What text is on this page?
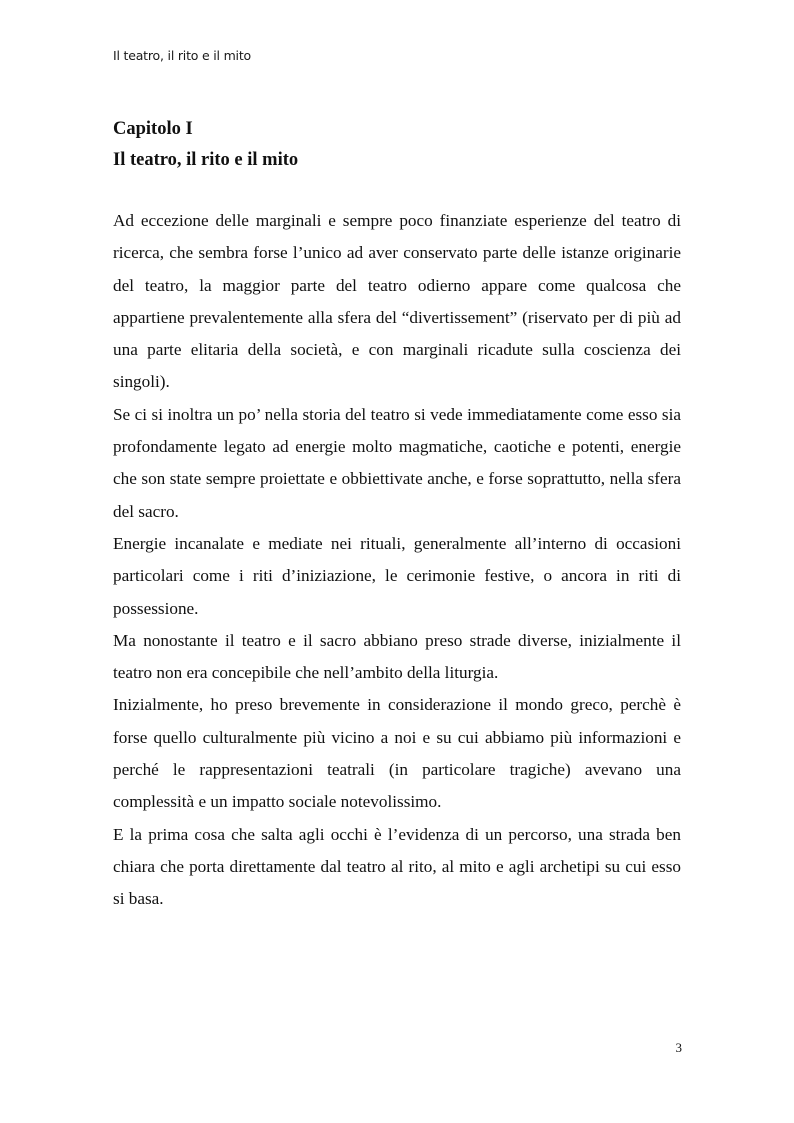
Il teatro, il rito e il mito
Capitolo I
Il teatro, il rito e il mito

Ad eccezione delle marginali e sempre poco finanziate esperienze del teatro di ricerca, che sembra forse l’unico ad aver conservato parte delle istanze originarie del teatro, la maggior parte del teatro odierno appare come qualcosa che appartiene prevalentemente alla sfera del “divertissement” (riservato per di più ad una parte elitaria della società, e con marginali ricadute sulla coscienza dei singoli).

Se ci si inoltra un po’ nella storia del teatro si vede immediatamente come esso sia profondamente legato ad energie molto magmatiche, caotiche e potenti, energie che son state sempre proiettate e obbiettivate anche, e forse soprattutto, nella sfera del sacro.

Energie incanalate e mediate nei rituali, generalmente all’interno di occasioni particolari come i riti d’iniziazione, le cerimonie festive, o ancora in riti di possessione.

Ma nonostante il teatro e il sacro abbiano preso strade diverse, inizialmente il teatro non era concepibile che nell’ambito della liturgia.

Inizialmente, ho preso brevemente in considerazione il mondo greco, perchè è forse quello culturalmente più vicino a noi e su cui abbiamo più informazioni e perché le rappresentazioni teatrali (in particolare tragiche) avevano una complessità e un impatto sociale notevolissimo.

E la prima cosa che salta agli occhi è l’evidenza di un percorso, una strada ben chiara che porta direttamente dal teatro al rito, al mito e agli archetipi su cui esso si basa.

3
